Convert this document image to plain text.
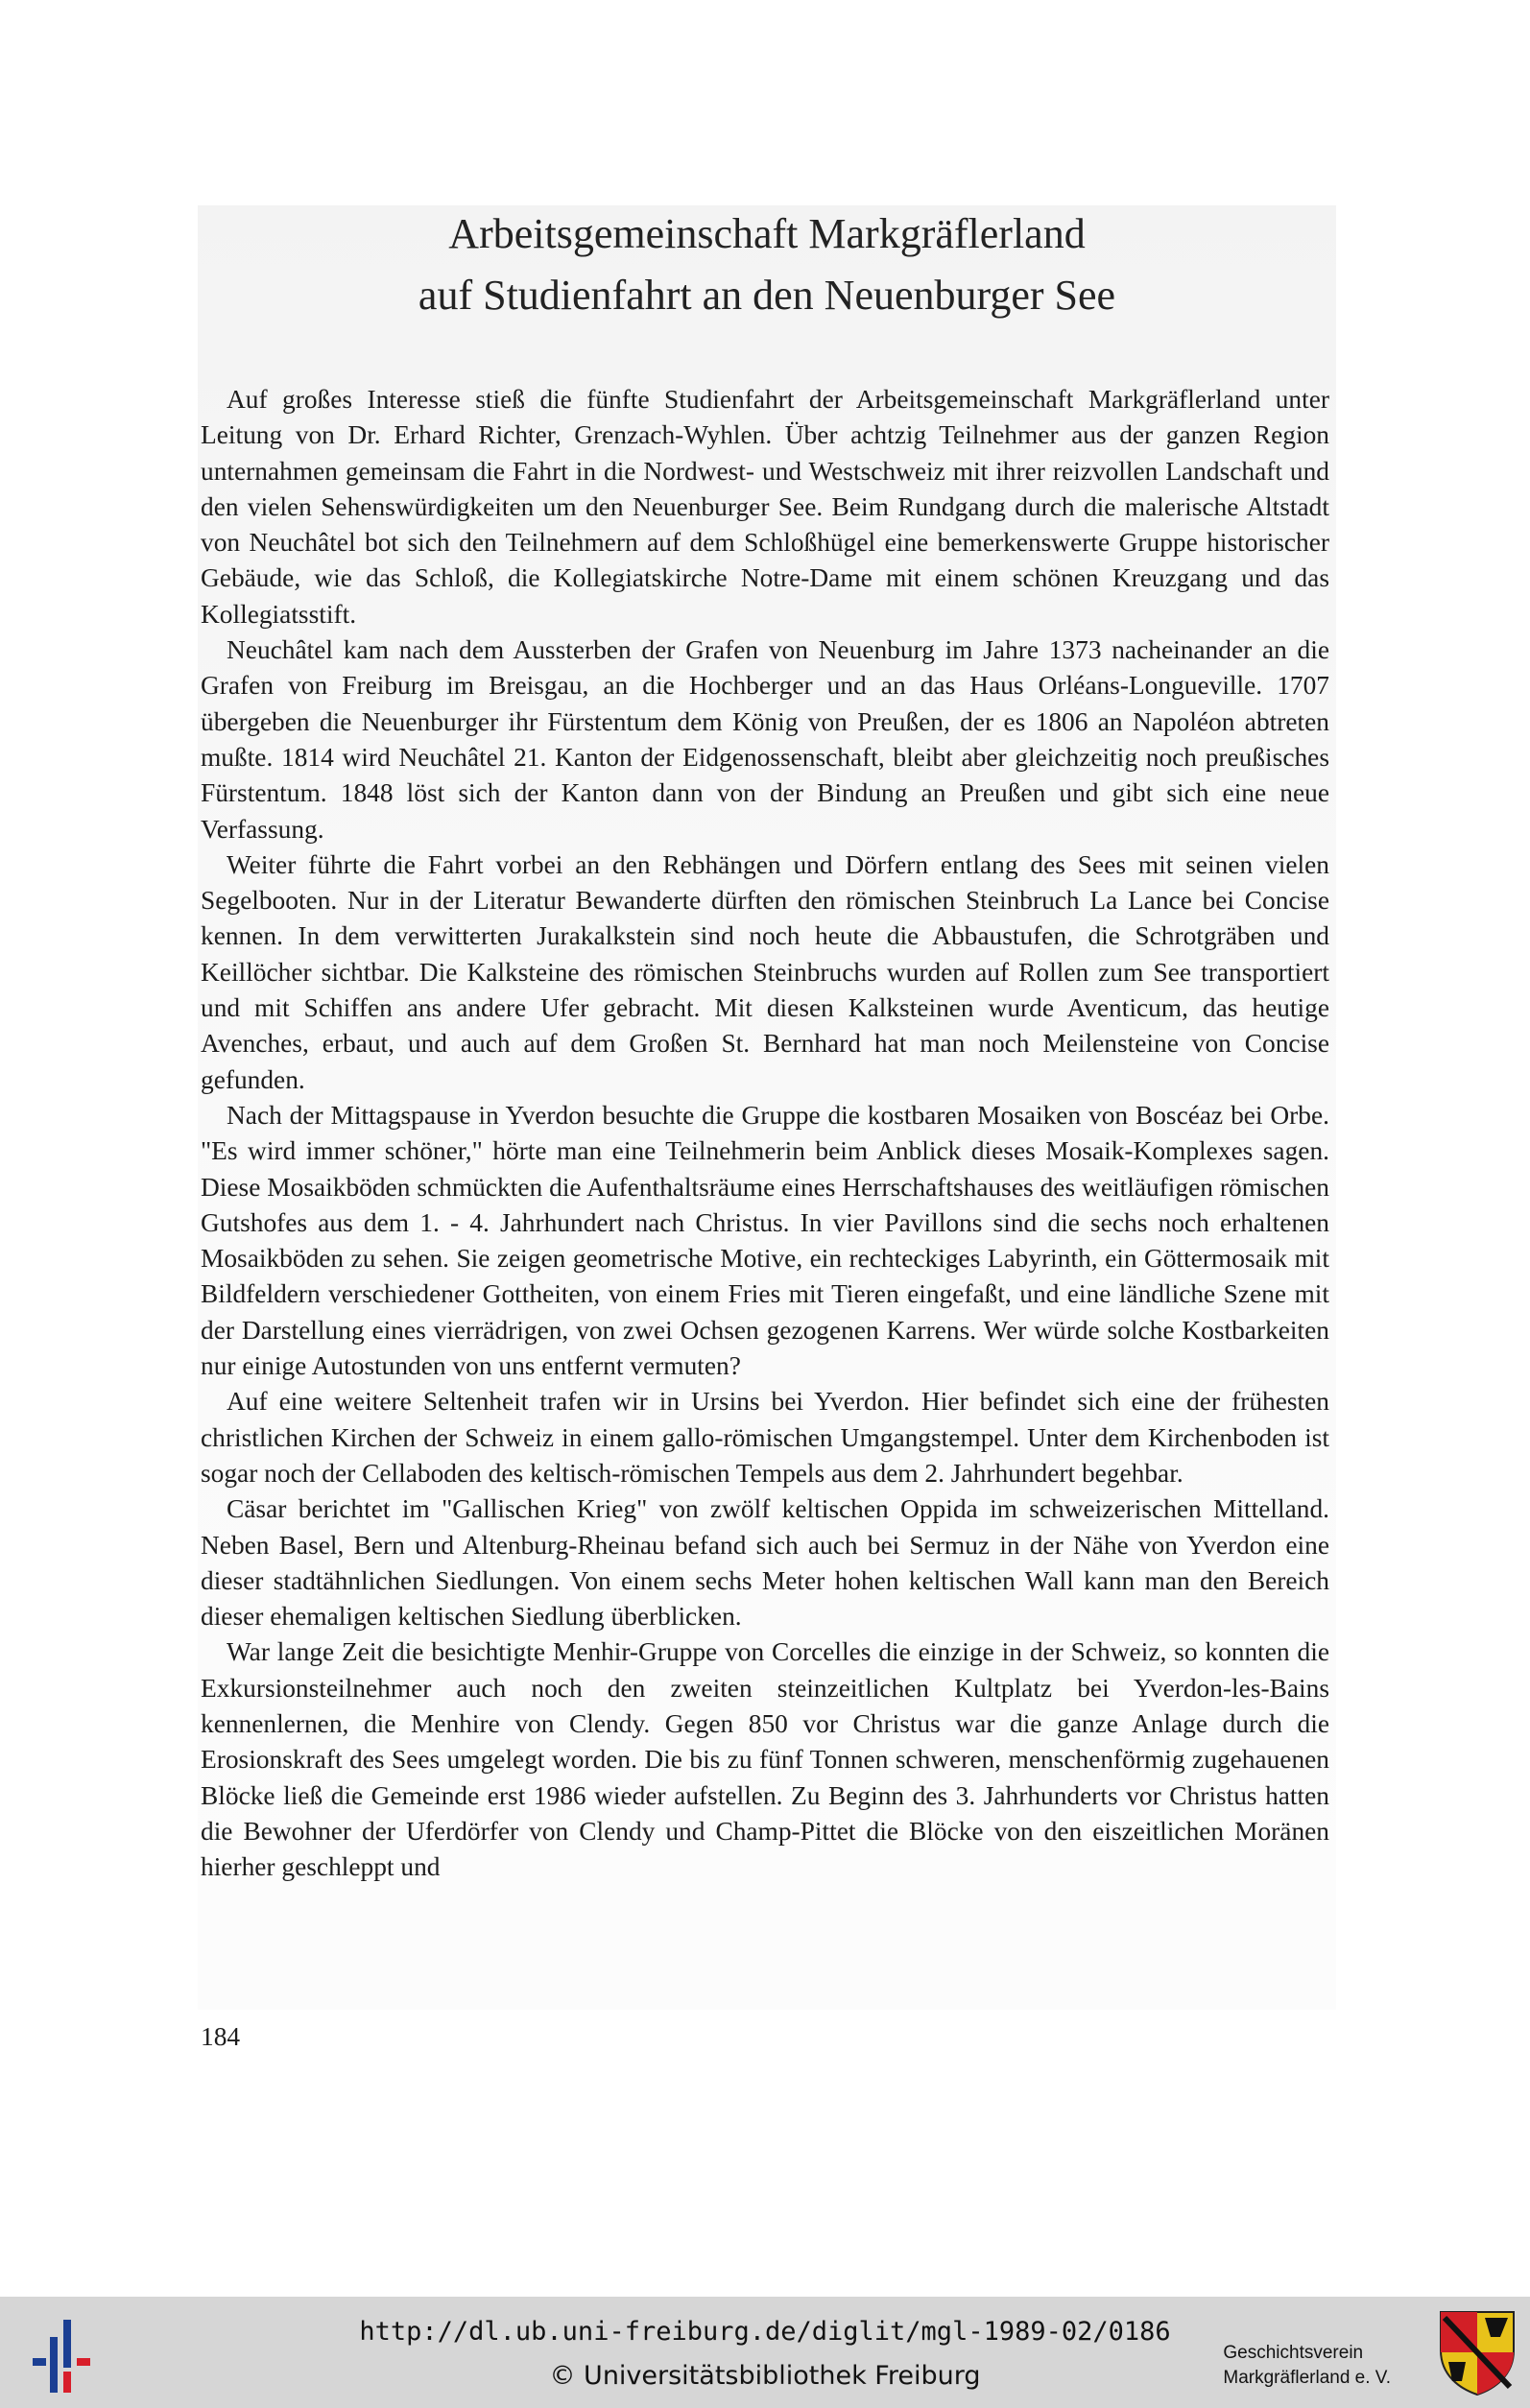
Arbeitsgemeinschaft Markgräflerland
auf Studienfahrt an den Neuenburger See

Auf großes Interesse stieß die fünfte Studienfahrt der Arbeitsgemeinschaft Markgräflerland unter Leitung von Dr. Erhard Richter, Grenzach-Wyhlen. Über achtzig Teilnehmer aus der ganzen Region unternahmen gemeinsam die Fahrt in die Nordwest- und Westschweiz mit ihrer reizvollen Landschaft und den vielen Sehenswürdigkeiten um den Neuenburger See. Beim Rundgang durch die malerische Altstadt von Neuchâtel bot sich den Teilnehmern auf dem Schloßhügel eine bemerkenswerte Gruppe historischer Gebäude, wie das Schloß, die Kollegiatskirche Notre-Dame mit einem schönen Kreuzgang und das Kollegiatsstift.

Neuchâtel kam nach dem Aussterben der Grafen von Neuenburg im Jahre 1373 nacheinander an die Grafen von Freiburg im Breisgau, an die Hochberger und an das Haus Orléans-Longueville. 1707 übergeben die Neuenburger ihr Fürstentum dem König von Preußen, der es 1806 an Napoléon abtreten mußte. 1814 wird Neuchâtel 21. Kanton der Eidgenossenschaft, bleibt aber gleichzeitig noch preußisches Fürstentum. 1848 löst sich der Kanton dann von der Bindung an Preußen und gibt sich eine neue Verfassung.

Weiter führte die Fahrt vorbei an den Rebhängen und Dörfern entlang des Sees mit seinen vielen Segelbooten. Nur in der Literatur Bewanderte dürften den römischen Steinbruch La Lance bei Concise kennen. In dem verwitterten Jurakalkstein sind noch heute die Abbaustufen, die Schrotgräben und Keillöcher sichtbar. Die Kalksteine des römischen Steinbruchs wurden auf Rollen zum See transportiert und mit Schiffen ans andere Ufer gebracht. Mit diesen Kalksteinen wurde Aventicum, das heutige Avenches, erbaut, und auch auf dem Großen St. Bernhard hat man noch Meilensteine von Concise gefunden.

Nach der Mittagspause in Yverdon besuchte die Gruppe die kostbaren Mosaiken von Boscéaz bei Orbe. "Es wird immer schöner," hörte man eine Teilnehmerin beim Anblick dieses Mosaik-Komplexes sagen. Diese Mosaikböden schmückten die Aufenthaltsräume eines Herrschaftshauses des weitläufigen römischen Gutshofes aus dem 1. - 4. Jahrhundert nach Christus. In vier Pavillons sind die sechs noch erhaltenen Mosaikböden zu sehen. Sie zeigen geometrische Motive, ein rechteckiges Labyrinth, ein Göttermosaik mit Bildfeldern verschiedener Gottheiten, von einem Fries mit Tieren eingefaßt, und eine ländliche Szene mit der Darstellung eines vierrädrigen, von zwei Ochsen gezogenen Karrens. Wer würde solche Kostbarkeiten nur einige Autostunden von uns entfernt vermuten?

Auf eine weitere Seltenheit trafen wir in Ursins bei Yverdon. Hier befindet sich eine der frühesten christlichen Kirchen der Schweiz in einem gallo-römischen Umgangstempel. Unter dem Kirchenboden ist sogar noch der Cellaboden des keltisch-römischen Tempels aus dem 2. Jahrhundert begehbar.

Cäsar berichtet im "Gallischen Krieg" von zwölf keltischen Oppida im schweizerischen Mittelland. Neben Basel, Bern und Altenburg-Rheinau befand sich auch bei Sermuz in der Nähe von Yverdon eine dieser stadtähnlichen Siedlungen. Von einem sechs Meter hohen keltischen Wall kann man den Bereich dieser ehemaligen keltischen Siedlung überblicken.

War lange Zeit die besichtigte Menhir-Gruppe von Corcelles die einzige in der Schweiz, so konnten die Exkursionsteilnehmer auch noch den zweiten steinzeitlichen Kultplatz bei Yverdon-les-Bains kennenlernen, die Menhire von Clendy. Gegen 850 vor Christus war die ganze Anlage durch die Erosionskraft des Sees umgelegt worden. Die bis zu fünf Tonnen schweren, menschenförmig zugehauenen Blöcke ließ die Gemeinde erst 1986 wieder aufstellen. Zu Beginn des 3. Jahrhunderts vor Christus hatten die Bewohner der Uferdörfer von Clendy und Champ-Pittet die Blöcke von den eiszeitlichen Moränen hierher geschleppt und

184
http://dl.ub.uni-freiburg.de/diglit/mgl-1989-02/0186
© Universitätsbibliothek Freiburg
Geschichtsverein
Markgräflerland e. V.
